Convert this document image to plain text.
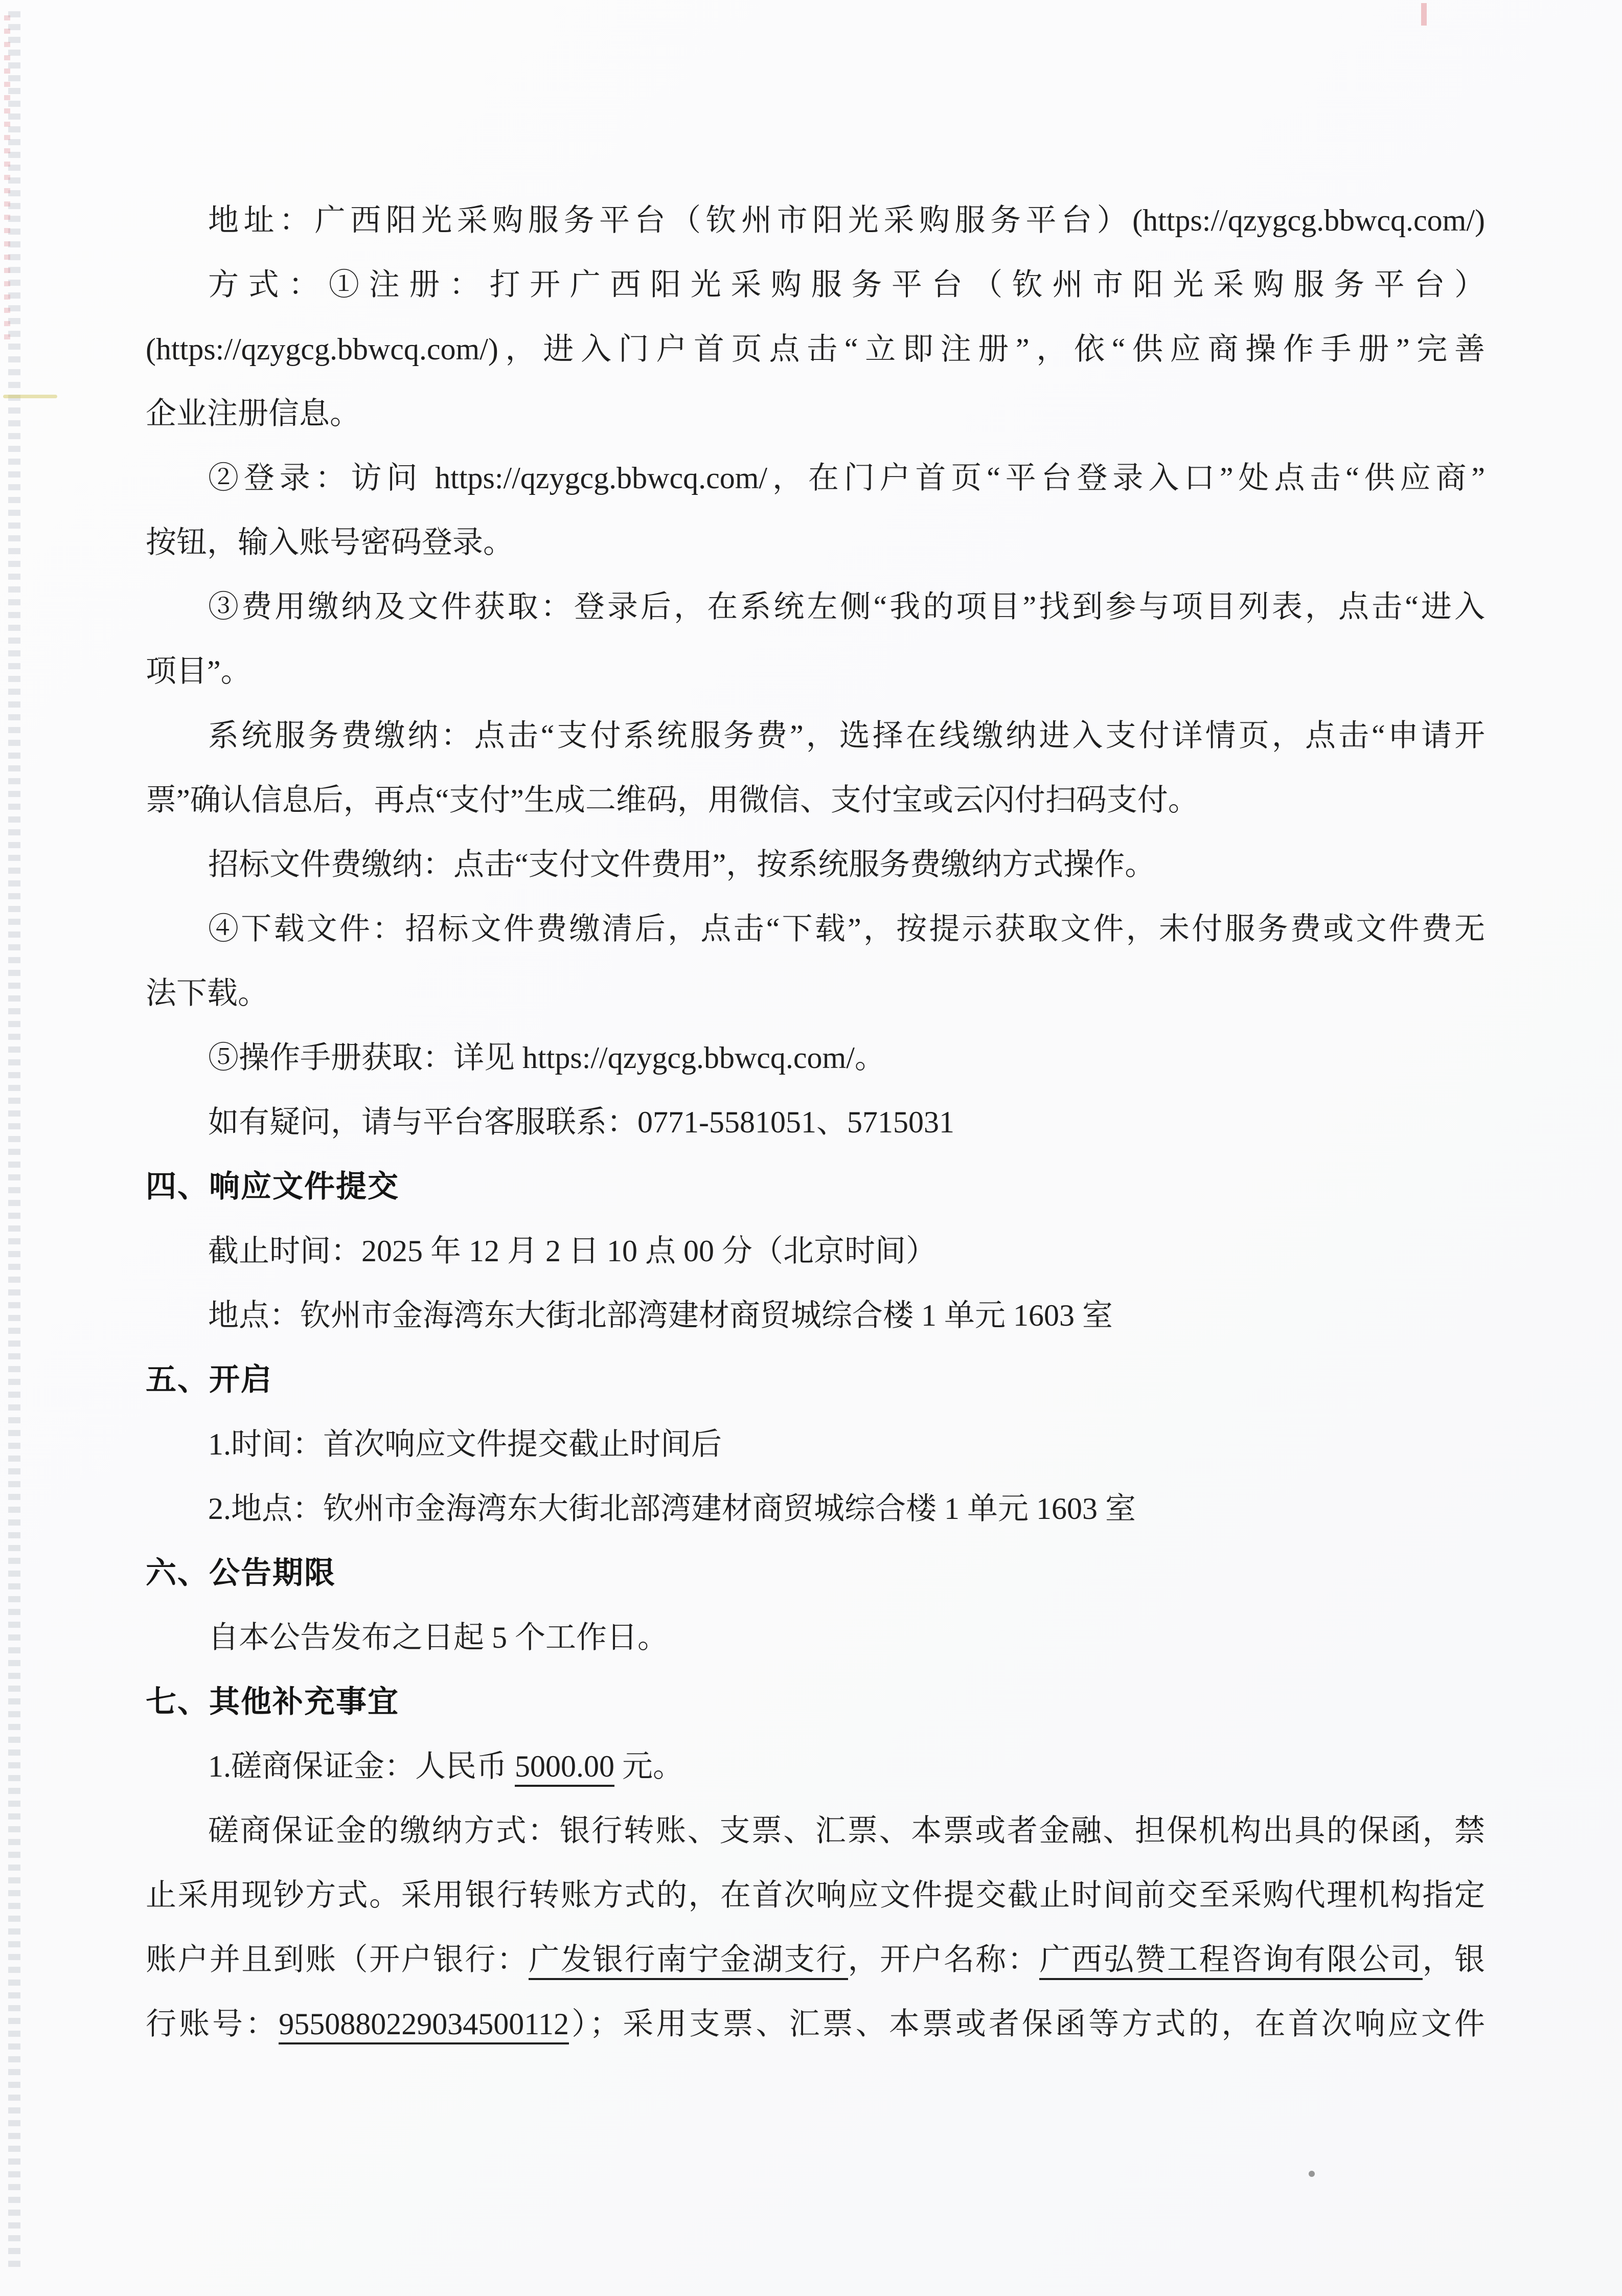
地址：广西阳光采购服务平台（钦州市阳光采购服务平台）(https://qzygcg.bbwcq.com/)
方式：①注册：打开广西阳光采购服务平台（钦州市阳光采购服务平台）
(https://qzygcg.bbwcq.com/)，进入门户首页点击“立即注册”，依“供应商操作手册”完善
企业注册信息。
②登录：访问 https://qzygcg.bbwcq.com/，在门户首页“平台登录入口”处点击“供应商”
按钮，输入账号密码登录。
③费用缴纳及文件获取：登录后，在系统左侧“我的项目”找到参与项目列表，点击“进入
项目”。
系统服务费缴纳：点击“支付系统服务费”，选择在线缴纳进入支付详情页，点击“申请开
票”确认信息后，再点“支付”生成二维码，用微信、支付宝或云闪付扫码支付。
招标文件费缴纳：点击“支付文件费用”，按系统服务费缴纳方式操作。
④下载文件：招标文件费缴清后，点击“下载”，按提示获取文件，未付服务费或文件费无
法下载。
⑤操作手册获取：详见 https://qzygcg.bbwcq.com/。
如有疑问，请与平台客服联系：0771-5581051、5715031
四、响应文件提交
截止时间：2025 年 12 月 2 日 10 点 00 分（北京时间）
地点：钦州市金海湾东大街北部湾建材商贸城综合楼 1 单元 1603 室
五、开启
1.时间：首次响应文件提交截止时间后
2.地点：钦州市金海湾东大街北部湾建材商贸城综合楼 1 单元 1603 室
六、公告期限
自本公告发布之日起 5 个工作日。
七、其他补充事宜
1.磋商保证金：人民币 5000.00 元。
磋商保证金的缴纳方式：银行转账、支票、汇票、本票或者金融、担保机构出具的保函，禁
止采用现钞方式。采用银行转账方式的，在首次响应文件提交截止时间前交至采购代理机构指定
账户并且到账（开户银行：广发银行南宁金湖支行，开户名称：广西弘赞工程咨询有限公司，银
行账号：9550880229034500112）；采用支票、汇票、本票或者保函等方式的，在首次响应文件
